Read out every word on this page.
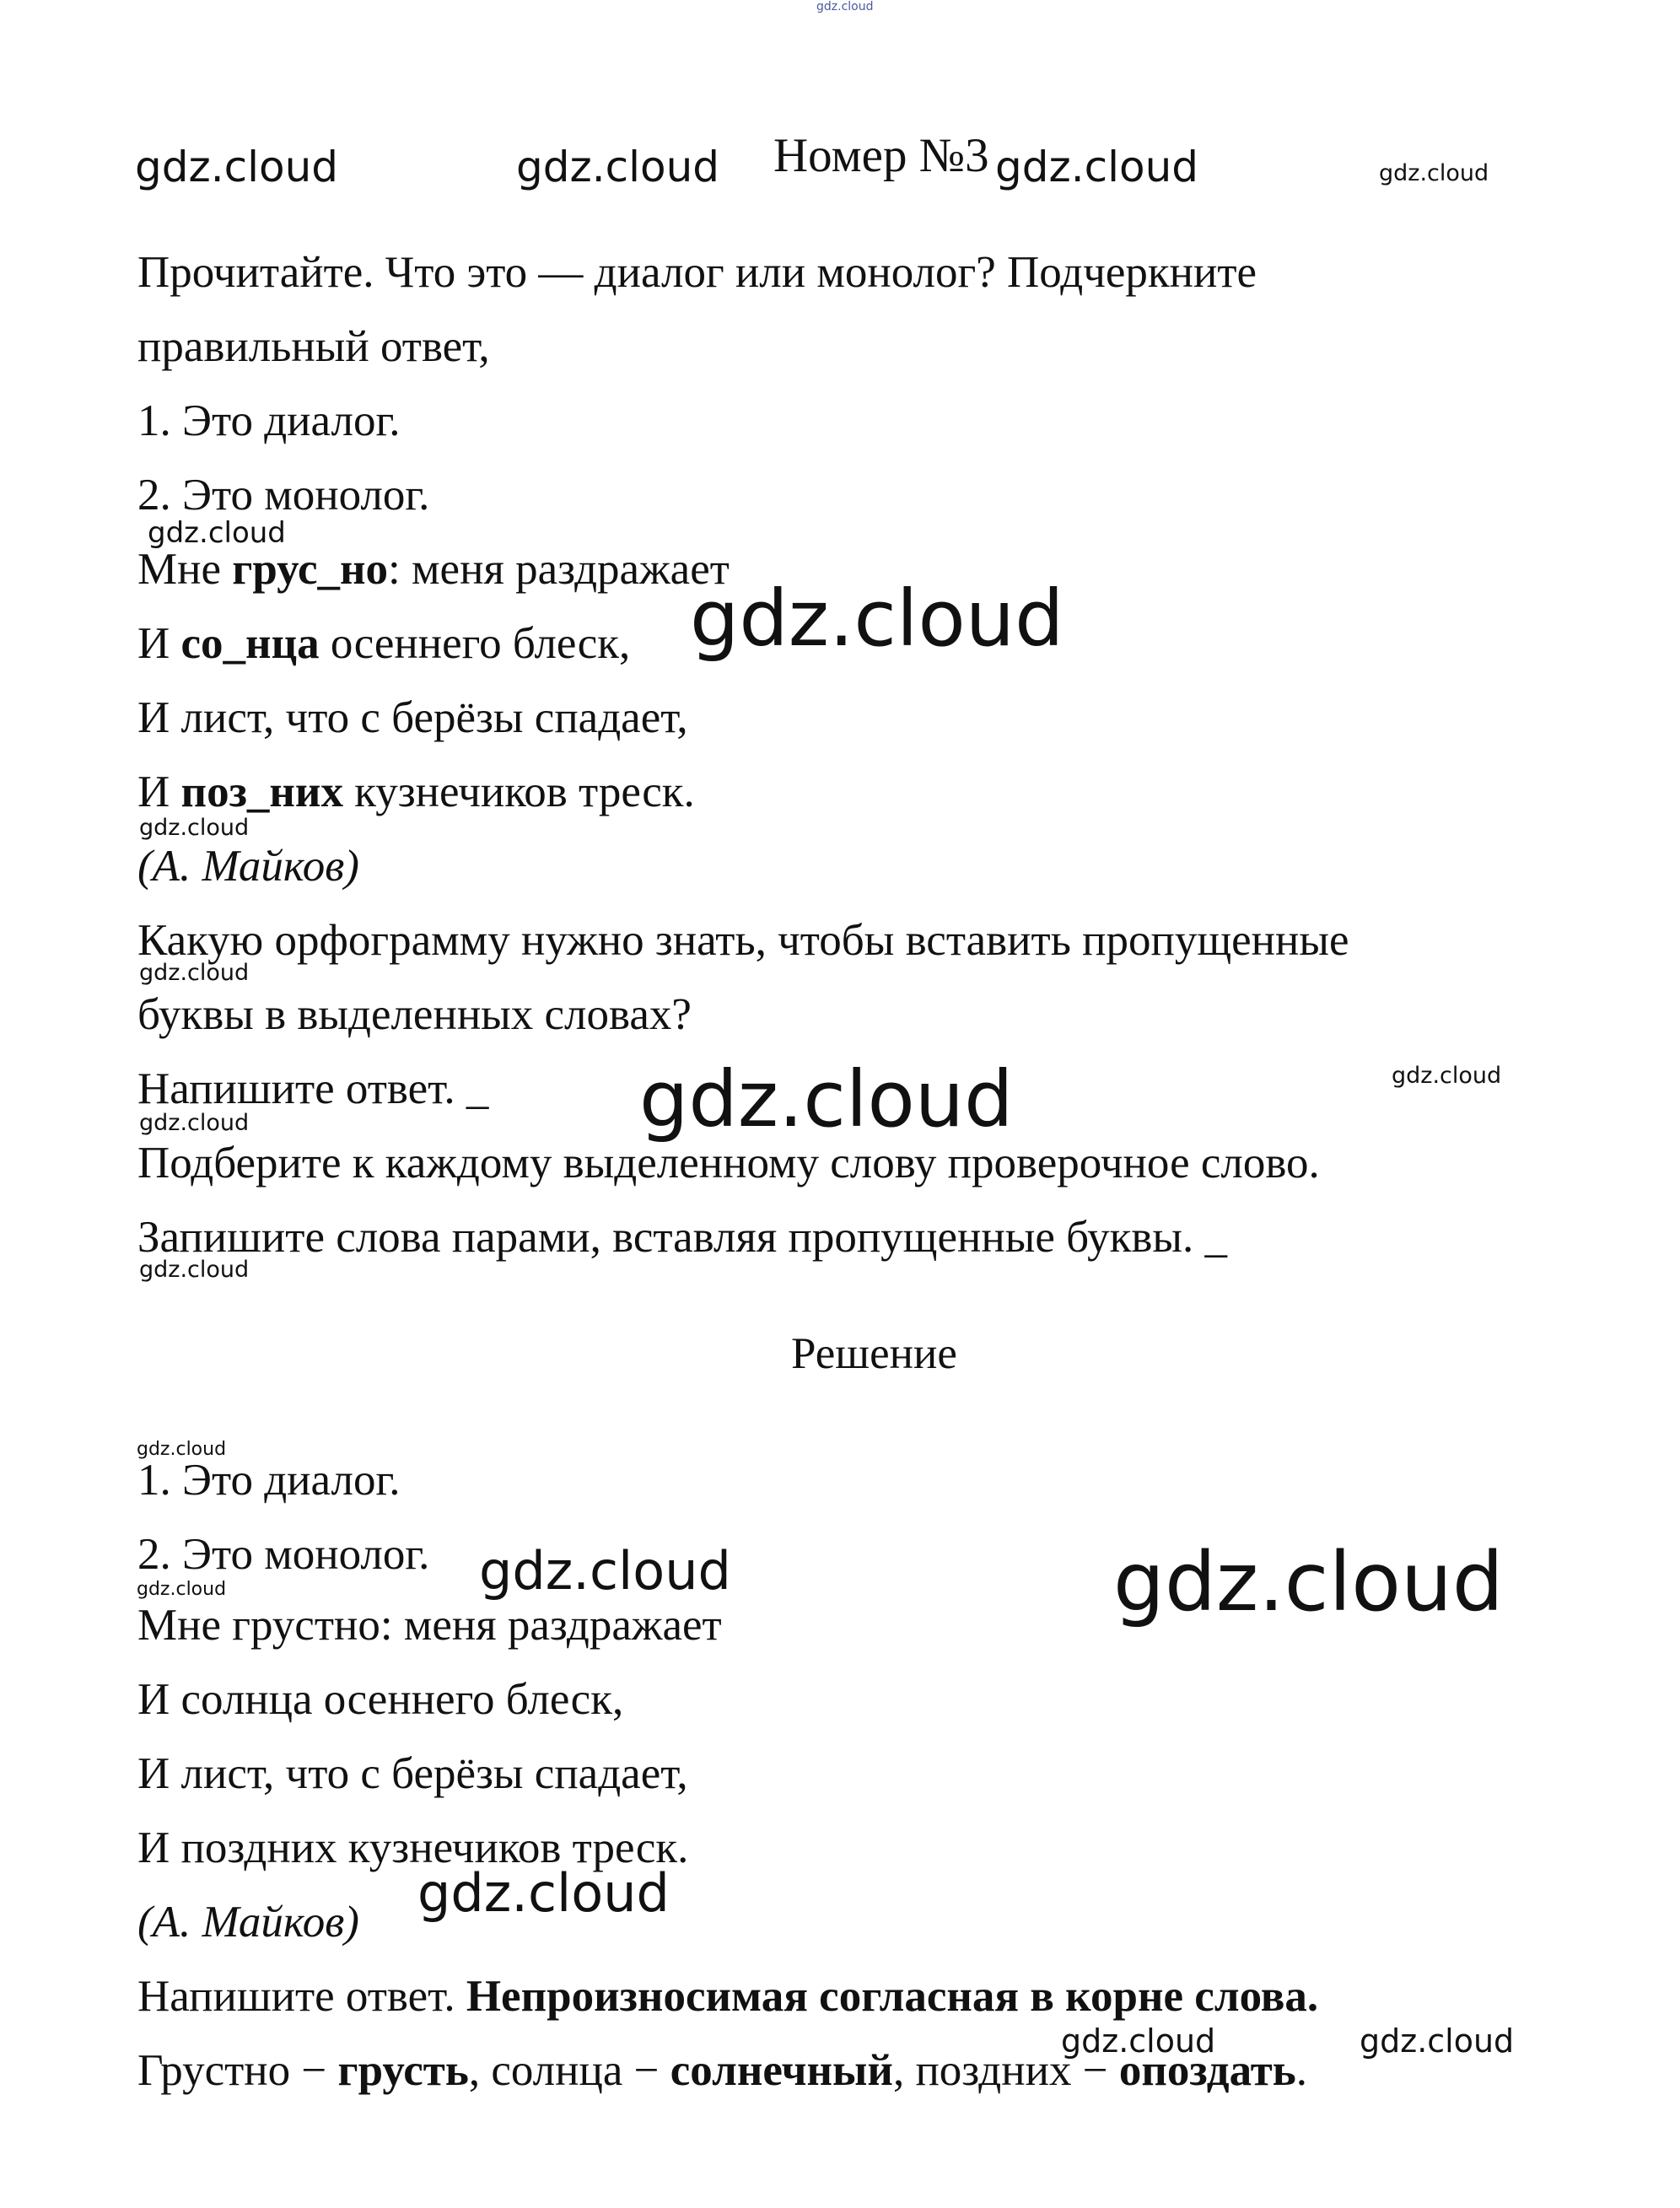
gdz.cloud
gdz.cloud	gdz.cloud Номер №3 gdz.cloud	gdz.cloud
Прочитайте. Что это — диалог или монолог? Подчеркните
правильный ответ,
1. Это диалог.
2. Это монолог.
gdz.cloud
Мне грус_но: меня раздражает
И со_нца осеннего блеск, gdz.cloud
И лист, что с берёзы спадает,
И поз_них кузнечиков треск.
gdz.cloud
(А. Майков)
Какую орфограмму нужно знать, чтобы вставить пропущенные
gdz.cloud
буквы в выделенных словах?
Напишите ответ. _ gdz.cloud	gdz.cloud
gdz.cloud
Подберите к каждому выделенному слову проверочное слово.
Запишите слова парами, вставляя пропущенные буквы. _
gdz.cloud
Решение
gdz.cloud
1. Это диалог.
2. Это монолог. gdz.cloud	gdz.cloud
gdz.cloud
Мне грустно: меня раздражает
И солнца осеннего блеск,
И лист, что с берёзы спадает,
И поздних кузнечиков треск.
gdz.cloud
(А. Майков)
Напишите ответ. Непроизносимая согласная в корне слова.
gdz.cloud	gdz.cloud
Грустно − грусть, солнца − солнечный, поздних − опоздать.
